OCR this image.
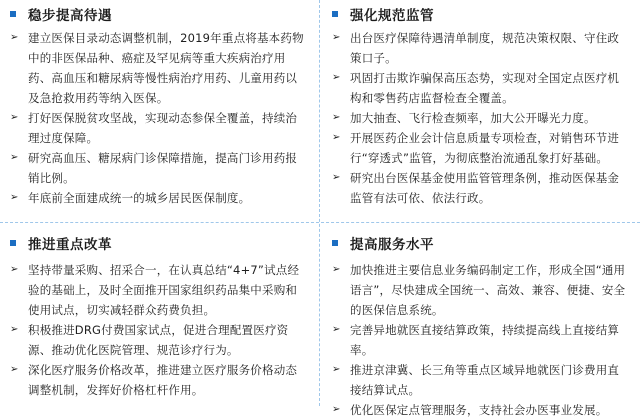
稳步提高待遇
➢ 建立医保目录动态调整机制，2019年重点将基本药物中的非医保品种、癌症及罕见病等重大疾病治疗用药、高血压和糖尿病等慢性病治疗用药、儿童用药以及急抢救用药等纳入医保。
➢ 打好医保脱贫攻坚战，实现动态参保全覆盖，持续治理过度保障。
➢ 研究高血压、糖尿病门诊保障措施，提高门诊用药报销比例。
➢ 年底前全面建成统一的城乡居民医保制度。
强化规范监管
➢ 出台医疗保障待遇清单制度，规范决策权限、守住政策口子。
➢ 巩固打击欺诈骗保高压态势，实现对全国定点医疗机构和零售药店监督检查全覆盖。
➢ 加大抽查、飞行检查频率，加大公开曝光力度。
➢ 开展医药企业会计信息质量专项检查，对销售环节进行“穿透式”监管，为彻底整治流通乱象打好基础。
➢ 研究出台医保基金使用监管管理条例，推动医保基金监管有法可依、依法行政。
推进重点改革
➢ 坚持带量采购、招采合一，在认真总结“4+7”试点经验的基础上，及时全面推开国家组织药品集中采购和使用试点，切实减轻群众药费负担。
➢ 积极推进DRG付费国家试点，促进合理配置医疗资源、推动优化医院管理、规范诊疗行为。
➢ 深化医疗服务价格改革，推进建立医疗服务价格动态调整机制，发挥好价格杠杆作用。
提高服务水平
➢ 加快推进主要信息业务编码制定工作，形成全国“通用语言”，尽快建成全国统一、高效、兼容、便捷、安全的医保信息系统。
➢ 完善异地就医直接结算政策，持续提高线上直接结算率。
➢ 推进京津冀、长三角等重点区域异地就医门诊费用直接结算试点。
➢ 优化医保定点管理服务，支持社会办医事业发展。
